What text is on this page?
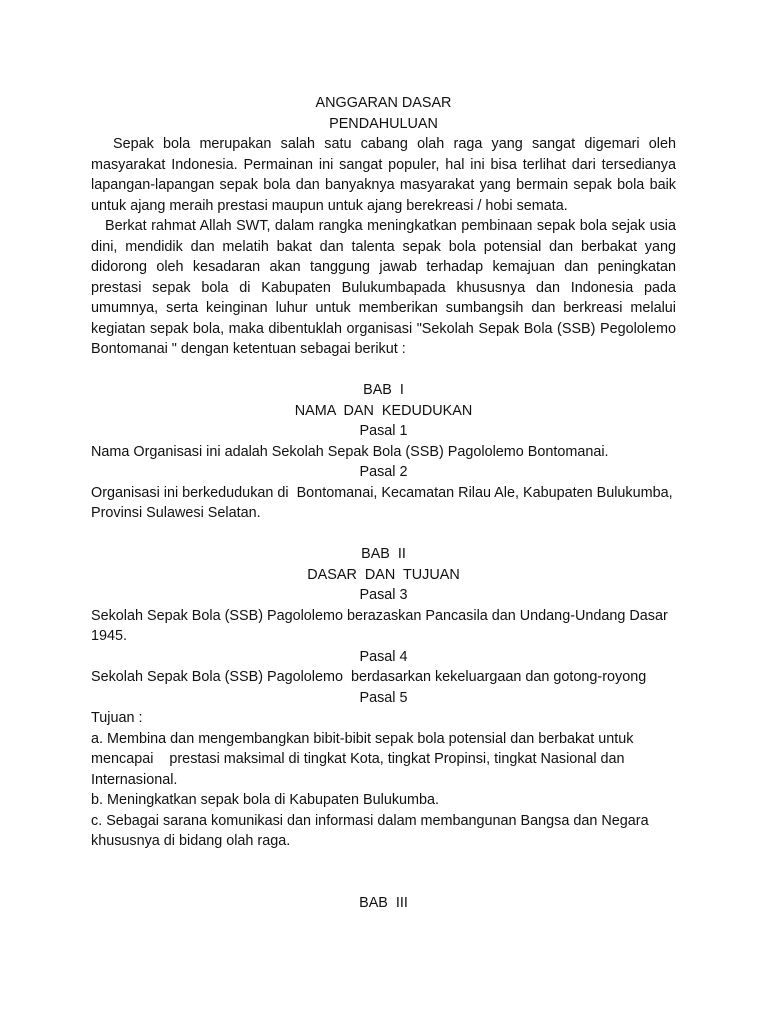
ANGGARAN DASAR
PENDAHULUAN

Sepak bola merupakan salah satu cabang olah raga yang sangat digemari oleh masyarakat Indonesia. Permainan ini sangat populer, hal ini bisa terlihat dari tersedianya lapangan-lapangan sepak bola dan banyaknya masyarakat yang bermain sepak bola baik untuk ajang meraih prestasi maupun untuk ajang berekreasi / hobi semata.

Berkat rahmat Allah SWT, dalam rangka meningkatkan pembinaan sepak bola sejak usia dini, mendidik dan melatih bakat dan talenta sepak bola potensial dan berbakat yang didorong oleh kesadaran akan tanggung jawab terhadap kemajuan dan peningkatan prestasi sepak bola di Kabupaten Bulukumbapada khususnya dan Indonesia pada umumnya, serta keinginan luhur untuk memberikan sumbangsih dan berkreasi melalui kegiatan sepak bola, maka dibentuklah organisasi "Sekolah Sepak Bola (SSB) Pegololemo Bontomanai " dengan ketentuan sebagai berikut :

BAB  I
NAMA  DAN  KEDUDUKAN
Pasal 1

Nama Organisasi ini adalah Sekolah Sepak Bola (SSB) Pagololemo Bontomanai.

Pasal 2

Organisasi ini berkedudukan di  Bontomanai, Kecamatan Rilau Ale, Kabupaten Bulukumba, Provinsi Sulawesi Selatan.

BAB  II
DASAR  DAN  TUJUAN
Pasal 3

Sekolah Sepak Bola (SSB) Pagololemo berazaskan Pancasila dan Undang-Undang Dasar 1945.

Pasal 4

Sekolah Sepak Bola (SSB) Pagololemo  berdasarkan kekeluargaan dan gotong-royong

Pasal 5

Tujuan :

a. Membina dan mengembangkan bibit-bibit sepak bola potensial dan berbakat untuk mencapai    prestasi maksimal di tingkat Kota, tingkat Propinsi, tingkat Nasional dan Internasional.

b. Meningkatkan sepak bola di Kabupaten Bulukumba.

c. Sebagai sarana komunikasi dan informasi dalam membangunan Bangsa dan Negara khususnya di bidang olah raga.

BAB  III
